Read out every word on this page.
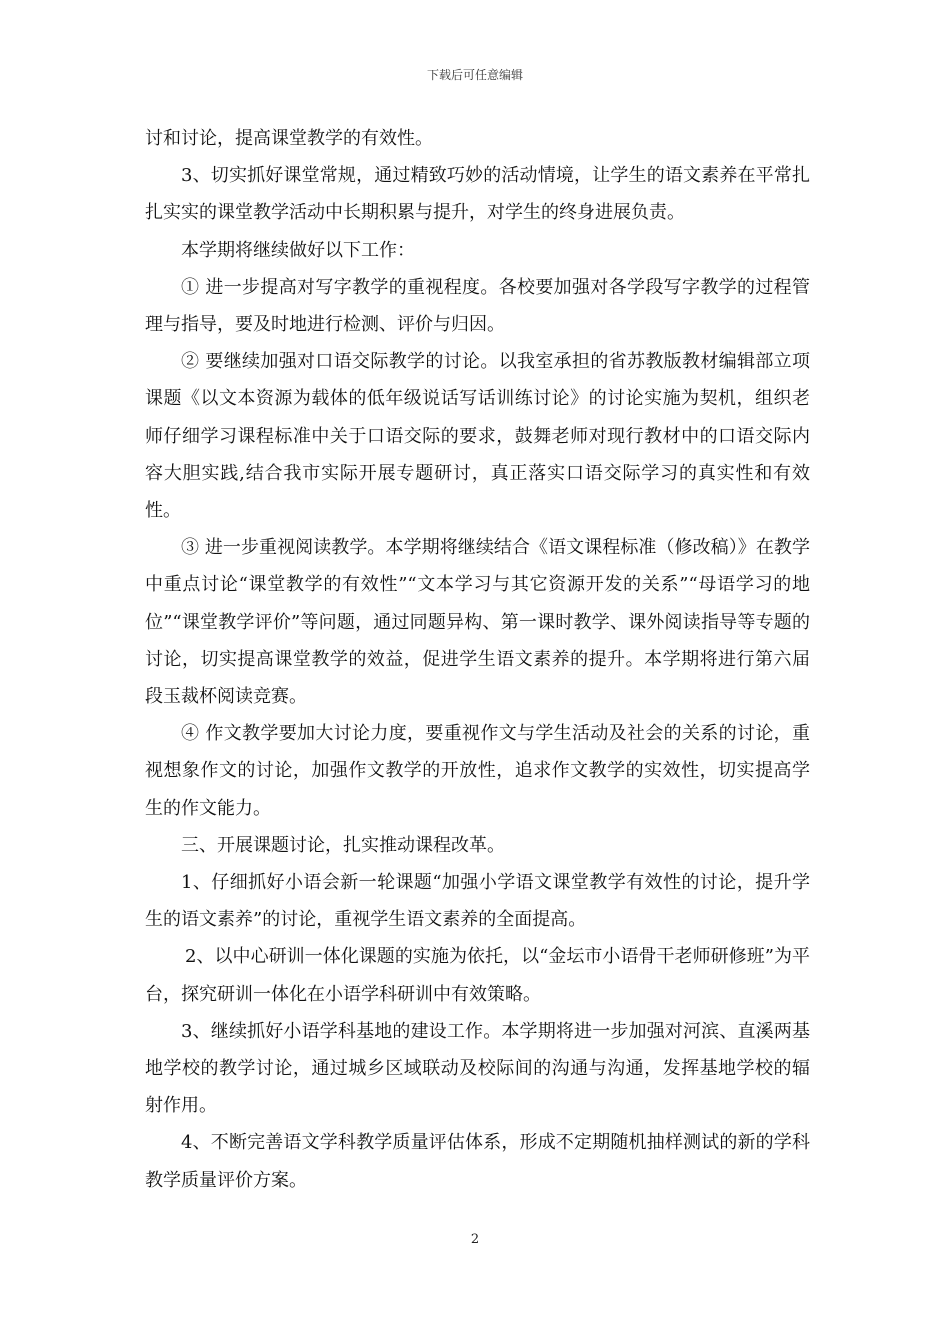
下载后可任意编辑

讨和讨论，提高课堂教学的有效性。

3、切实抓好课堂常规，通过精致巧妙的活动情境，让学生的语文素养在平常扎扎实实的课堂教学活动中长期积累与提升，对学生的终身进展负责。

本学期将继续做好以下工作：

① 进一步提高对写字教学的重视程度。各校要加强对各学段写字教学的过程管理与指导，要及时地进行检测、评价与归因。

② 要继续加强对口语交际教学的讨论。以我室承担的省苏教版教材编辑部立项课题《以文本资源为载体的低年级说话写话训练讨论》的讨论实施为契机，组织老师仔细学习课程标准中关于口语交际的要求，鼓舞老师对现行教材中的口语交际内容大胆实践,结合我市实际开展专题研讨，真正落实口语交际学习的真实性和有效性。

③ 进一步重视阅读教学。本学期将继续结合《语文课程标准（修改稿）》在教学中重点讨论“课堂教学的有效性”“文本学习与其它资源开发的关系”“母语学习的地位”“课堂教学评价”等问题，通过同题异构、第一课时教学、课外阅读指导等专题的讨论，切实提高课堂教学的效益，促进学生语文素养的提升。本学期将进行第六届段玉裁杯阅读竞赛。

④ 作文教学要加大讨论力度，要重视作文与学生活动及社会的关系的讨论，重视想象作文的讨论，加强作文教学的开放性，追求作文教学的实效性，切实提高学生的作文能力。

三、开展课题讨论，扎实推动课程改革。

1、仔细抓好小语会新一轮课题“加强小学语文课堂教学有效性的讨论，提升学生的语文素养”的讨论，重视学生语文素养的全面提高。

2、以中心研训一体化课题的实施为依托，以“金坛市小语骨干老师研修班”为平台，探究研训一体化在小语学科研训中有效策略。

3、继续抓好小语学科基地的建设工作。本学期将进一步加强对河滨、直溪两基地学校的教学讨论，通过城乡区域联动及校际间的沟通与沟通，发挥基地学校的辐射作用。

4、不断完善语文学科教学质量评估体系，形成不定期随机抽样测试的新的学科教学质量评价方案。

2
